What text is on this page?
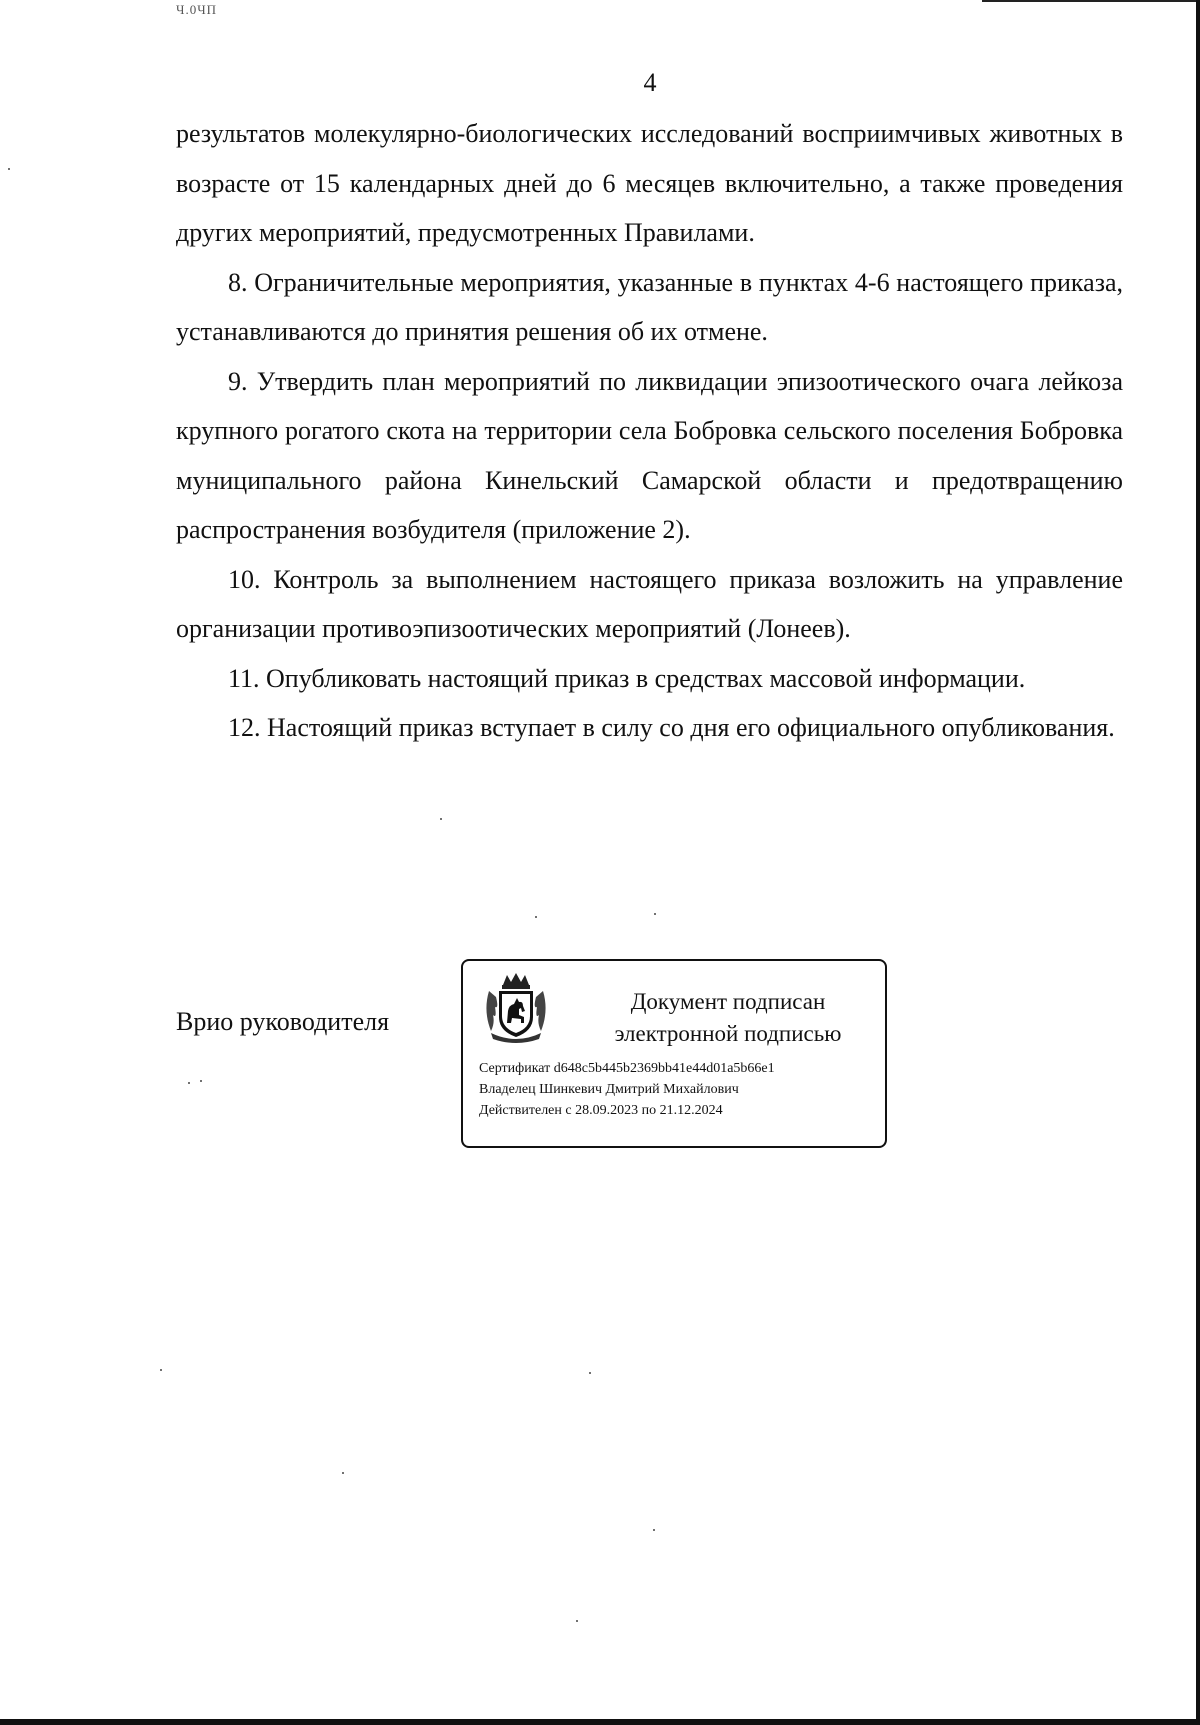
Ч.0ЧП
4

результатов молекулярно-биологических исследований восприимчивых животных в возрасте от 15 календарных дней до 6 месяцев включительно, а также проведения других мероприятий, предусмотренных Правилами.

8. Ограничительные мероприятия, указанные в пунктах 4-6 настоящего приказа, устанавливаются до принятия решения об их отмене.

9. Утвердить план мероприятий по ликвидации эпизоотического очага лейкоза крупного рогатого скота на территории села Бобровка сельского поселения Бобровка муниципального района Кинельский Самарской области и предотвращению распространения возбудителя (приложение 2).

10. Контроль за выполнением настоящего приказа возложить на управление организации противоэпизоотических мероприятий (Лонеев).

11. Опубликовать настоящий приказ в средствах массовой информации.

12. Настоящий приказ вступает в силу со дня его официального опубликования.

Врио руководителя
Документ подписан
электронной подписью
Сертификат d648c5b445b2369bb41e44d01a5b66e1
Владелец Шинкевич Дмитрий Михайлович
Действителен с 28.09.2023 по 21.12.2024
